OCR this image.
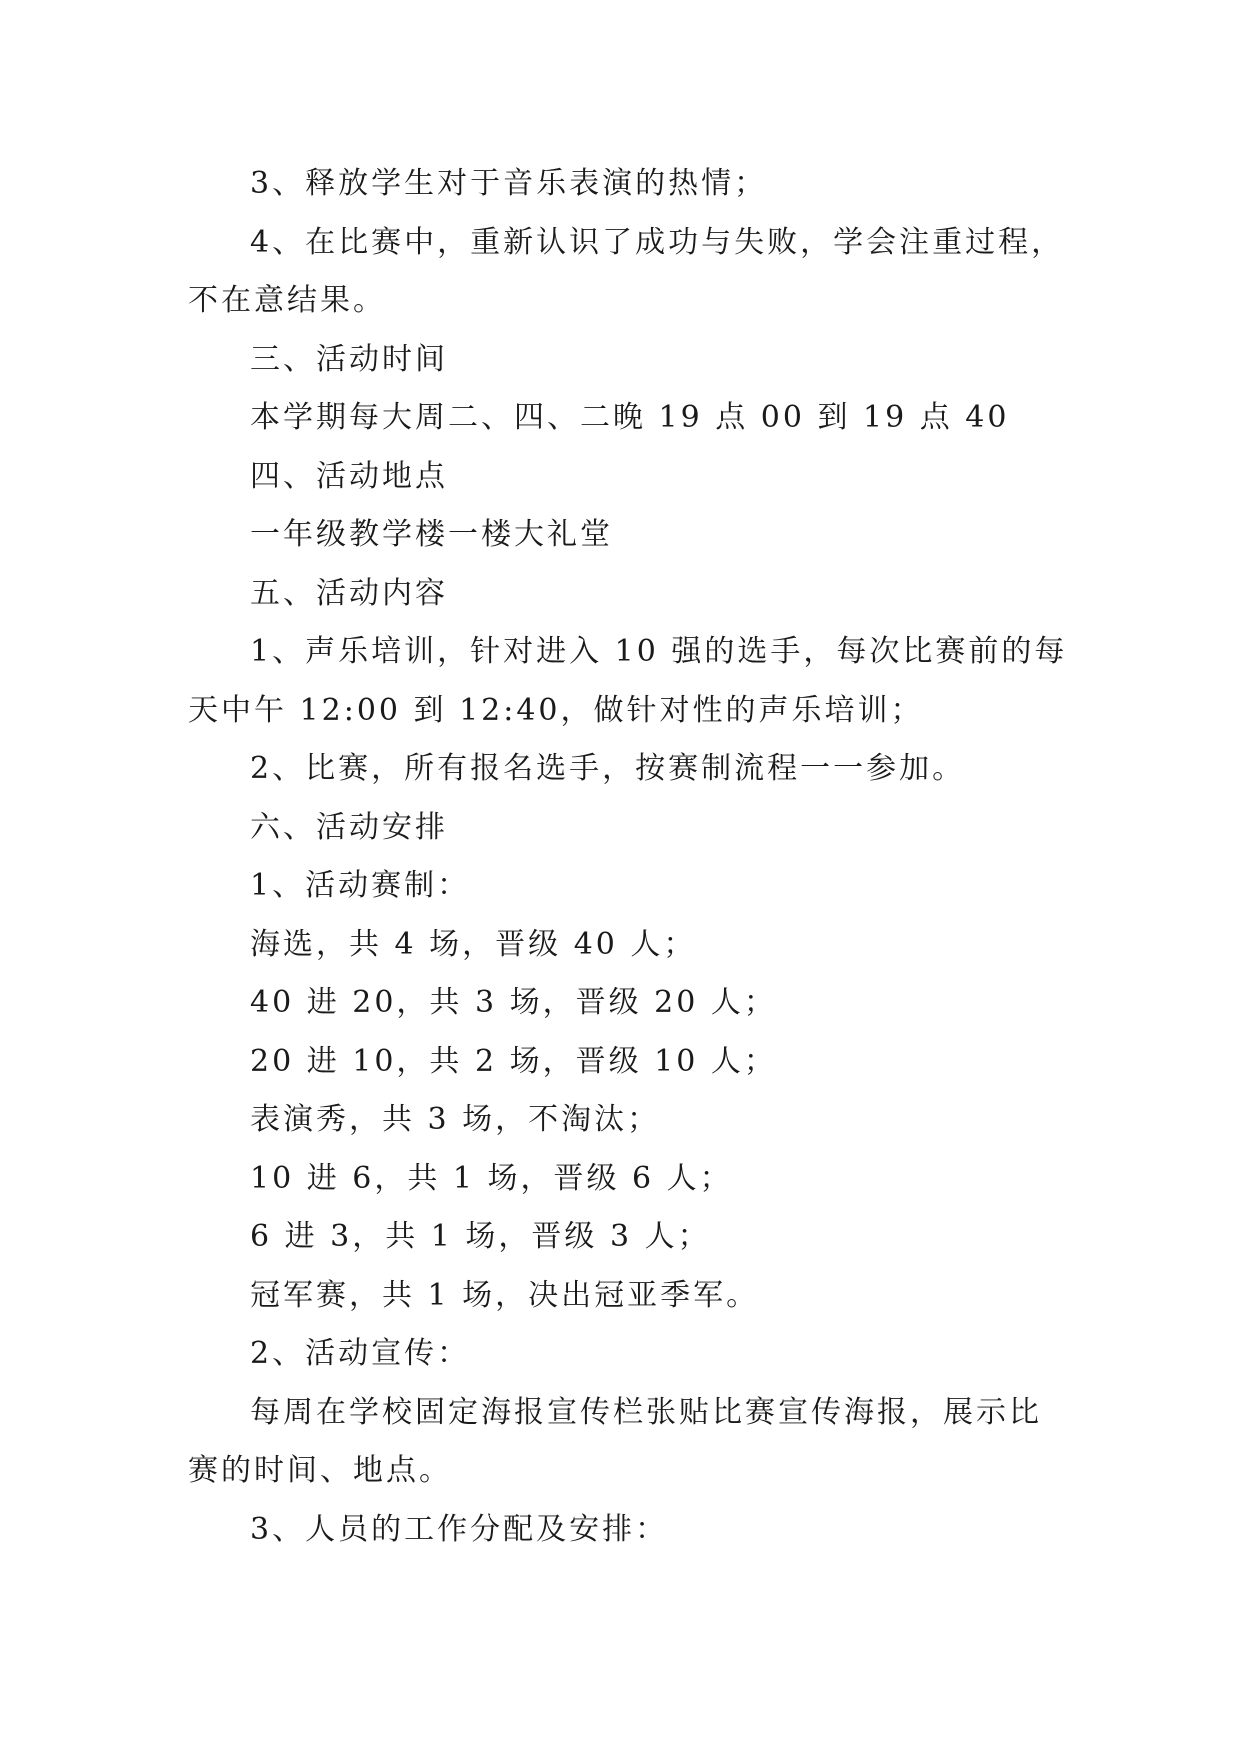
3、释放学生对于音乐表演的热情；

4、在比赛中，重新认识了成功与失败，学会注重过程，
不在意结果。

三、活动时间

本学期每大周二、四、二晚 19 点 00 到 19 点 40

四、活动地点

一年级教学楼一楼大礼堂

五、活动内容

1、声乐培训，针对进入 10 强的选手，每次比赛前的每
天中午 12:00 到 12:40，做针对性的声乐培训；

2、比赛，所有报名选手，按赛制流程一一参加。

六、活动安排

1、活动赛制：

海选，共 4 场，晋级 40 人；

40 进 20，共 3 场，晋级 20 人；

20 进 10，共 2 场，晋级 10 人；

表演秀，共 3 场，不淘汰；

10 进 6，共 1 场，晋级 6 人；

6 进 3，共 1 场，晋级 3 人；

冠军赛，共 1 场，决出冠亚季军。

2、活动宣传：

每周在学校固定海报宣传栏张贴比赛宣传海报，展示比
赛的时间、地点。

3、人员的工作分配及安排：
